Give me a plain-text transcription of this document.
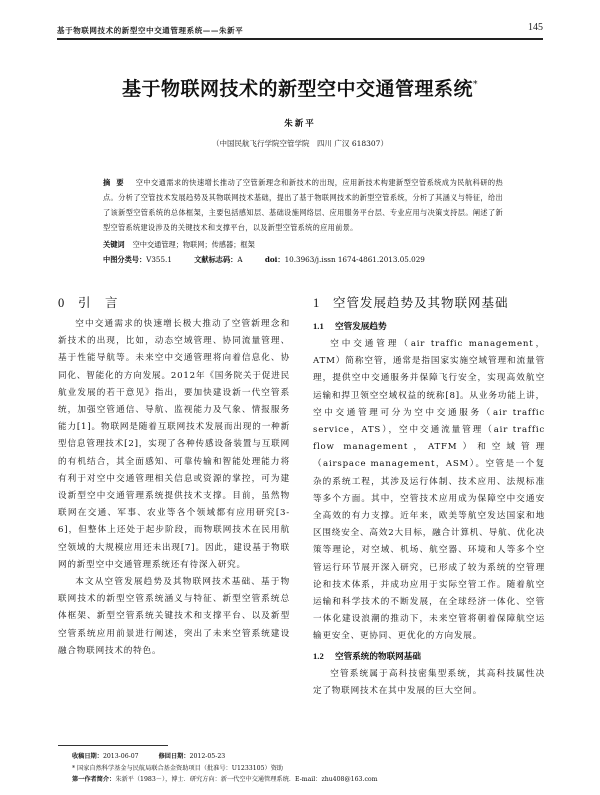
基于物联网技术的新型空中交通管理系统——朱新平	145
基于物联网技术的新型空中交通管理系统*
朱新平
（中国民航飞行学院空管学院　四川 广汉 618307）
摘要 空中交通需求的快速增长推动了空管新理念和新技术的出现，应用新技术构建新型空管系统成为民航科研的热点。分析了空管技术发展趋势及其物联网技术基础，提出了基于物联网技术的新型空管系统，分析了其涵义与特征，给出了该新型空管系统的总体框架，主要包括感知层、基础设施网络层、应用服务平台层、专业应用与决策支持层。阐述了新型空管系统建设涉及的关键技术和支撑平台，以及新型空管系统的应用前景。
关键词 空中交通管理；物联网；传感器；框架
中图分类号：V355.1	文献标志码：A	doi：10.3963/j.issn 1674-4861.2013.05.029
0 引　言

空中交通需求的快速增长极大推动了空管新理念和新技术的出现，比如，动态空域管理、协同流量管理、基于性能导航等。未来空中交通管理将向着信息化、协同化、智能化的方向发展。2012年《国务院关于促进民航业发展的若干意见》指出，要加快建设新一代空管系统，加强空管通信、导航、监视能力及气象、情报服务能力[1]。物联网是随着互联网技术发展而出现的一种新型信息管理技术[2]，实现了各种传感设备装置与互联网的有机结合，其全面感知、可靠传输和智能处理能力将有利于对空中交通管理相关信息或资源的掌控，可为建设新型空中交通管理系统提供技术支撑。目前，虽然物联网在交通、军事、农业等各个领域都有应用研究[3-6]，但整体上还处于起步阶段，而物联网技术在民用航空领域的大规模应用还未出现[7]。因此，建设基于物联网的新型空中交通管理系统还有待深入研究。

本文从空管发展趋势及其物联网技术基础、基于物联网技术的新型空管系统涵义与特征、新型空管系统总体框架、新型空管系统关键技术和支撑平台、以及新型空管系统应用前景进行阐述，突出了未来空管系统建设融合物联网技术的特色。

1 空管发展趋势及其物联网基础
1.1 空管发展趋势

空中交通管理（air traffic management，ATM）简称空管，通常是指国家实施空域管理和流量管理，提供空中交通服务并保障飞行安全，实现高效航空运输和捍卫领空空域权益的统称[8]。从业务功能上讲，空中交通管理可分为空中交通服务（air traffic service，ATS），空中交通流量管理（air traffic flow management，ATFM）和空域管理（airspace management，ASM）。空管是一个复杂的系统工程，其涉及运行体制、技术应用、法规标准等多个方面。其中，空管技术应用成为保障空中交通安全高效的有力支撑。近年来，欧美等航空发达国家和地区围绕安全、高效2大目标，融合计算机、导航、优化决策等理论，对空域、机场、航空器、环境和人等多个空管运行环节展开深入研究，已形成了较为系统的空管理论和技术体系，并成功应用于实际空管工作。随着航空运输和科学技术的不断发展，在全球经济一体化、空管一体化建设浪潮的推动下，未来空管将朝着保障航空运输更安全、更协同、更优化的方向发展。

1.2 空管系统的物联网基础

空管系统属于高科技密集型系统，其高科技属性决定了物联网技术在其中发展的巨大空间。

收稿日期：2013-06-07	修回日期：2012-05-23
* 国家自然科学基金与民航局联合基金资助项目（批准号：U1233105）资助
第一作者简介：朱新平（1983－），博士．研究方向：新一代空中交通管理系统．E-mail：zhu408@163.com
